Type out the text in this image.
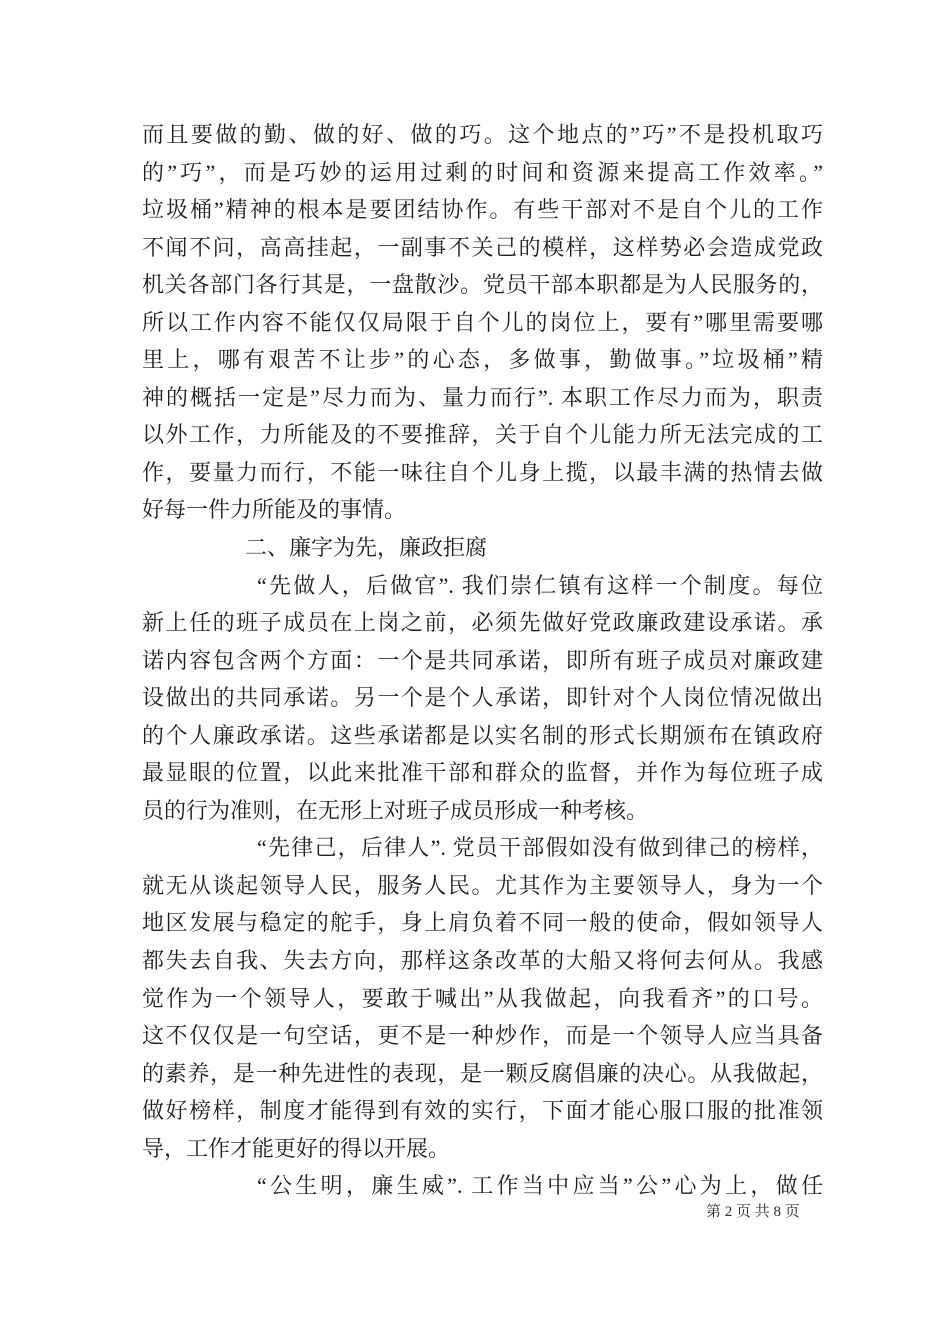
而且要做的勤、做的好、做的巧。这个地点的”巧”不是投机取巧
的”巧”，而是巧妙的运用过剩的时间和资源来提高工作效率。”
垃圾桶”精神的根本是要团结协作。有些干部对不是自个儿的工作
不闻不问，高高挂起，一副事不关己的模样，这样势必会造成党政
机关各部门各行其是，一盘散沙。党员干部本职都是为人民服务的，
所以工作内容不能仅仅局限于自个儿的岗位上，要有”哪里需要哪
里上，哪有艰苦不让步”的心态，多做事，勤做事。”垃圾桶”精
神的概括一定是”尽力而为、量力而行”. 本职工作尽力而为，职责
以外工作，力所能及的不要推辞，关于自个儿能力所无法完成的工
作，要量力而行，不能一味往自个儿身上揽，以最丰满的热情去做
好每一件力所能及的事情。
二、廉字为先，廉政拒腐
“先做人，后做官”. 我们崇仁镇有这样一个制度。每位
新上任的班子成员在上岗之前，必须先做好党政廉政建设承诺。承
诺内容包含两个方面：一个是共同承诺，即所有班子成员对廉政建
设做出的共同承诺。另一个是个人承诺，即针对个人岗位情况做出
的个人廉政承诺。这些承诺都是以实名制的形式长期颁布在镇政府
最显眼的位置，以此来批准干部和群众的监督，并作为每位班子成
员的行为准则，在无形上对班子成员形成一种考核。
“先律己，后律人”. 党员干部假如没有做到律己的榜样，
就无从谈起领导人民，服务人民。尤其作为主要领导人，身为一个
地区发展与稳定的舵手，身上肩负着不同一般的使命，假如领导人
都失去自我、失去方向，那样这条改革的大船又将何去何从。我感
觉作为一个领导人，要敢于喊出”从我做起，向我看齐”的口号。
这不仅仅是一句空话，更不是一种炒作，而是一个领导人应当具备
的素养，是一种先进性的表现，是一颗反腐倡廉的决心。从我做起，
做好榜样，制度才能得到有效的实行，下面才能心服口服的批准领
导，工作才能更好的得以开展。
“公生明，廉生威”. 工作当中应当”公”心为上，做任
第 2 页 共 8 页
